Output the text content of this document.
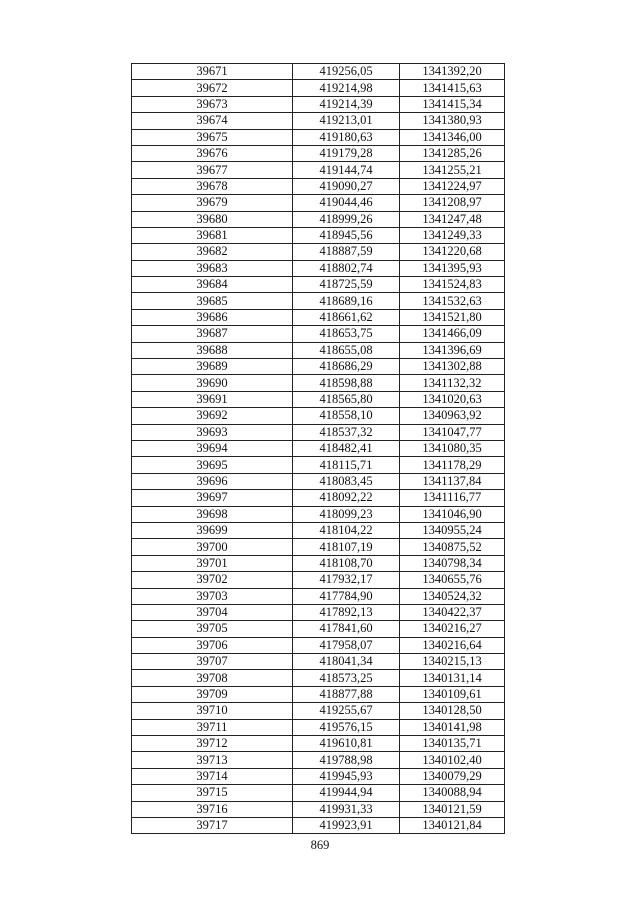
39671	419256,05	1341392,20
39672	419214,98	1341415,63
39673	419214,39	1341415,34
39674	419213,01	1341380,93
39675	419180,63	1341346,00
39676	419179,28	1341285,26
39677	419144,74	1341255,21
39678	419090,27	1341224,97
39679	419044,46	1341208,97
39680	418999,26	1341247,48
39681	418945,56	1341249,33
39682	418887,59	1341220,68
39683	418802,74	1341395,93
39684	418725,59	1341524,83
39685	418689,16	1341532,63
39686	418661,62	1341521,80
39687	418653,75	1341466,09
39688	418655,08	1341396,69
39689	418686,29	1341302,88
39690	418598,88	1341132,32
39691	418565,80	1341020,63
39692	418558,10	1340963,92
39693	418537,32	1341047,77
39694	418482,41	1341080,35
39695	418115,71	1341178,29
39696	418083,45	1341137,84
39697	418092,22	1341116,77
39698	418099,23	1341046,90
39699	418104,22	1340955,24
39700	418107,19	1340875,52
39701	418108,70	1340798,34
39702	417932,17	1340655,76
39703	417784,90	1340524,32
39704	417892,13	1340422,37
39705	417841,60	1340216,27
39706	417958,07	1340216,64
39707	418041,34	1340215,13
39708	418573,25	1340131,14
39709	418877,88	1340109,61
39710	419255,67	1340128,50
39711	419576,15	1340141,98
39712	419610,81	1340135,71
39713	419788,98	1340102,40
39714	419945,93	1340079,29
39715	419944,94	1340088,94
39716	419931,33	1340121,59
39717	419923,91	1340121,84
869
